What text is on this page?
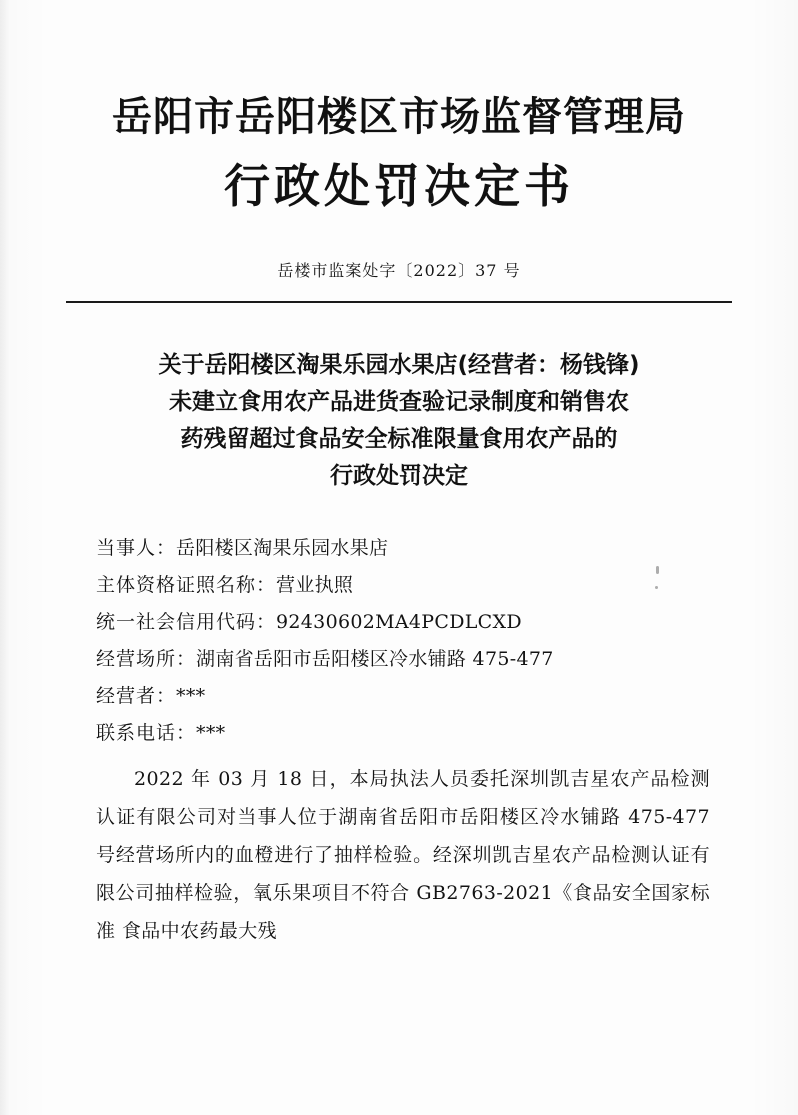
岳阳市岳阳楼区市场监督管理局
行政处罚决定书
岳楼市监案处字〔2022〕37 号
关于岳阳楼区淘果乐园水果店(经营者：杨钱锋)
未建立食用农产品进货查验记录制度和销售农
药残留超过食品安全标准限量食用农产品的
行政处罚决定
当事人：岳阳楼区淘果乐园水果店
主体资格证照名称：营业执照
统一社会信用代码：92430602MA4PCDLCXD
经营场所：湖南省岳阳市岳阳楼区冷水铺路 475-477
经营者：***
联系电话：***
2022 年 03 月 18 日，本局执法人员委托深圳凯吉星农产品检测认证有限公司对当事人位于湖南省岳阳市岳阳楼区冷水铺路 475-477 号经营场所内的血橙进行了抽样检验。经深圳凯吉星农产品检测认证有限公司抽样检验，氧乐果项目不符合 GB2763-2021《食品安全国家标准 食品中农药最大残
